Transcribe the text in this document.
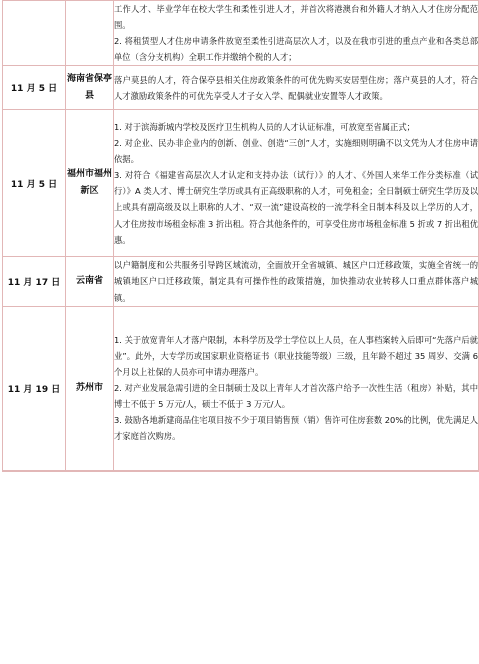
		工作人才、毕业学年在校大学生和柔性引进人才，并首次将港澳台和外籍人才纳入人才住房分配范围。

2. 将租赁型人才住房申请条件放宽至柔性引进高层次人才，以及在我市引进的重点产业和各类总部单位（含分支机构）全职工作并缴纳个税的人才；

11 月 5 日	海南省保亭县	落户莫县的人才，符合保亭县相关住房政策条件的可优先购买安居型住房；落户莫县的人才，符合人才激励政策条件的可优先享受人才子女入学、配偶就业安置等人才政策。

11 月 5 日	福州市福州新区	1. 对于滨海新城内学校及医疗卫生机构人员的人才认证标准，可放宽至省属正式；

2. 对企业、民办非企业内的创新、创业、创造“三创”人才，实施细则明确不以文凭为人才住房申请依据。

3. 对符合《福建省高层次人才认定和支持办法（试行）》的人才、《外国人来华工作分类标准（试行）》A 类人才、博士研究生学历或具有正高级职称的人才，可免租金；全日制硕士研究生学历及以上或具有副高级及以上职称的人才、“双一流”建设高校的一流学科全日制本科及以上学历的人才，人才住房按市场租金标准 3 折出租。符合其他条件的，可享受住房市场租金标准 5 折或 7 折出租优惠。

11 月 17 日	云南省	以户籍制度和公共服务引导跨区域流动，全面放开全省城镇、城区户口迁移政策，实施全省统一的城镇地区户口迁移政策，制定具有可操作性的政策措施，加快推动农业转移人口重点群体落户城镇。

11 月 19 日	苏州市	1. 关于放宽青年人才落户限制，本科学历及学士学位以上人员，在人事档案转入后即可“先落户后就业”。此外，大专学历或国家职业资格证书（职业技能等级）三级，且年龄不超过 35 周岁、交满 6 个月以上社保的人员亦可申请办理落户。

2. 对产业发展急需引进的全日制硕士及以上青年人才首次落户给予一次性生活（租房）补贴，其中博士不低于 5 万元/人，硕士不低于 3 万元/人。

3. 鼓励各地新建商品住宅项目按不少于项目销售预（销）售许可住房套数 20%的比例，优先满足人才家庭首次购房。
